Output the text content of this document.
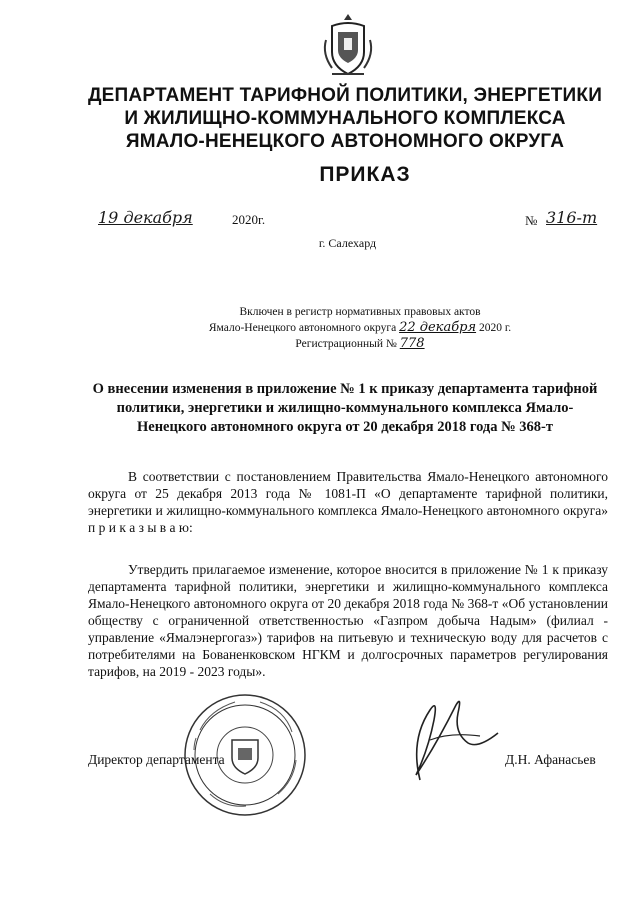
ДЕПАРТАМЕНТ ТАРИФНОЙ ПОЛИТИКИ, ЭНЕРГЕТИКИ
И ЖИЛИЩНО-КОММУНАЛЬНОГО КОМПЛЕКСА
ЯМАЛО-НЕНЕЦКОГО АВТОНОМНОГО ОКРУГА
ПРИКАЗ
19 декабря	2020г.	№ 316-т
г. Салехард
Включен в регистр нормативных правовых актов
Ямало-Ненецкого автономного округа 22 декабря 2020 г.
Регистрационный № 778
О внесении изменения в приложение № 1 к приказу департамента тарифной политики, энергетики и жилищно-коммунального комплекса Ямало-Ненецкого автономного округа от 20 декабря 2018 года № 368-т
В соответствии с постановлением Правительства Ямало-Ненецкого автономного округа от 25 декабря 2013 года № 1081-П «О департаменте тарифной политики, энергетики и жилищно-коммунального комплекса Ямало-Ненецкого автономного округа» п р и к а з ы в а ю:
Утвердить прилагаемое изменение, которое вносится в приложение № 1 к приказу департамента тарифной политики, энергетики и жилищно-коммунального комплекса Ямало-Ненецкого автономного округа от 20 декабря 2018 года № 368-т «Об установлении обществу с ограниченной ответственностью «Газпром добыча Надым» (филиал - управление «Ямалэнергогаз») тарифов на питьевую и техническую воду для расчетов с потребителями на Бованенковском НГКМ и долгосрочных параметров регулирования тарифов, на 2019 - 2023 годы».
Директор департамента	Д.Н. Афанасьев
